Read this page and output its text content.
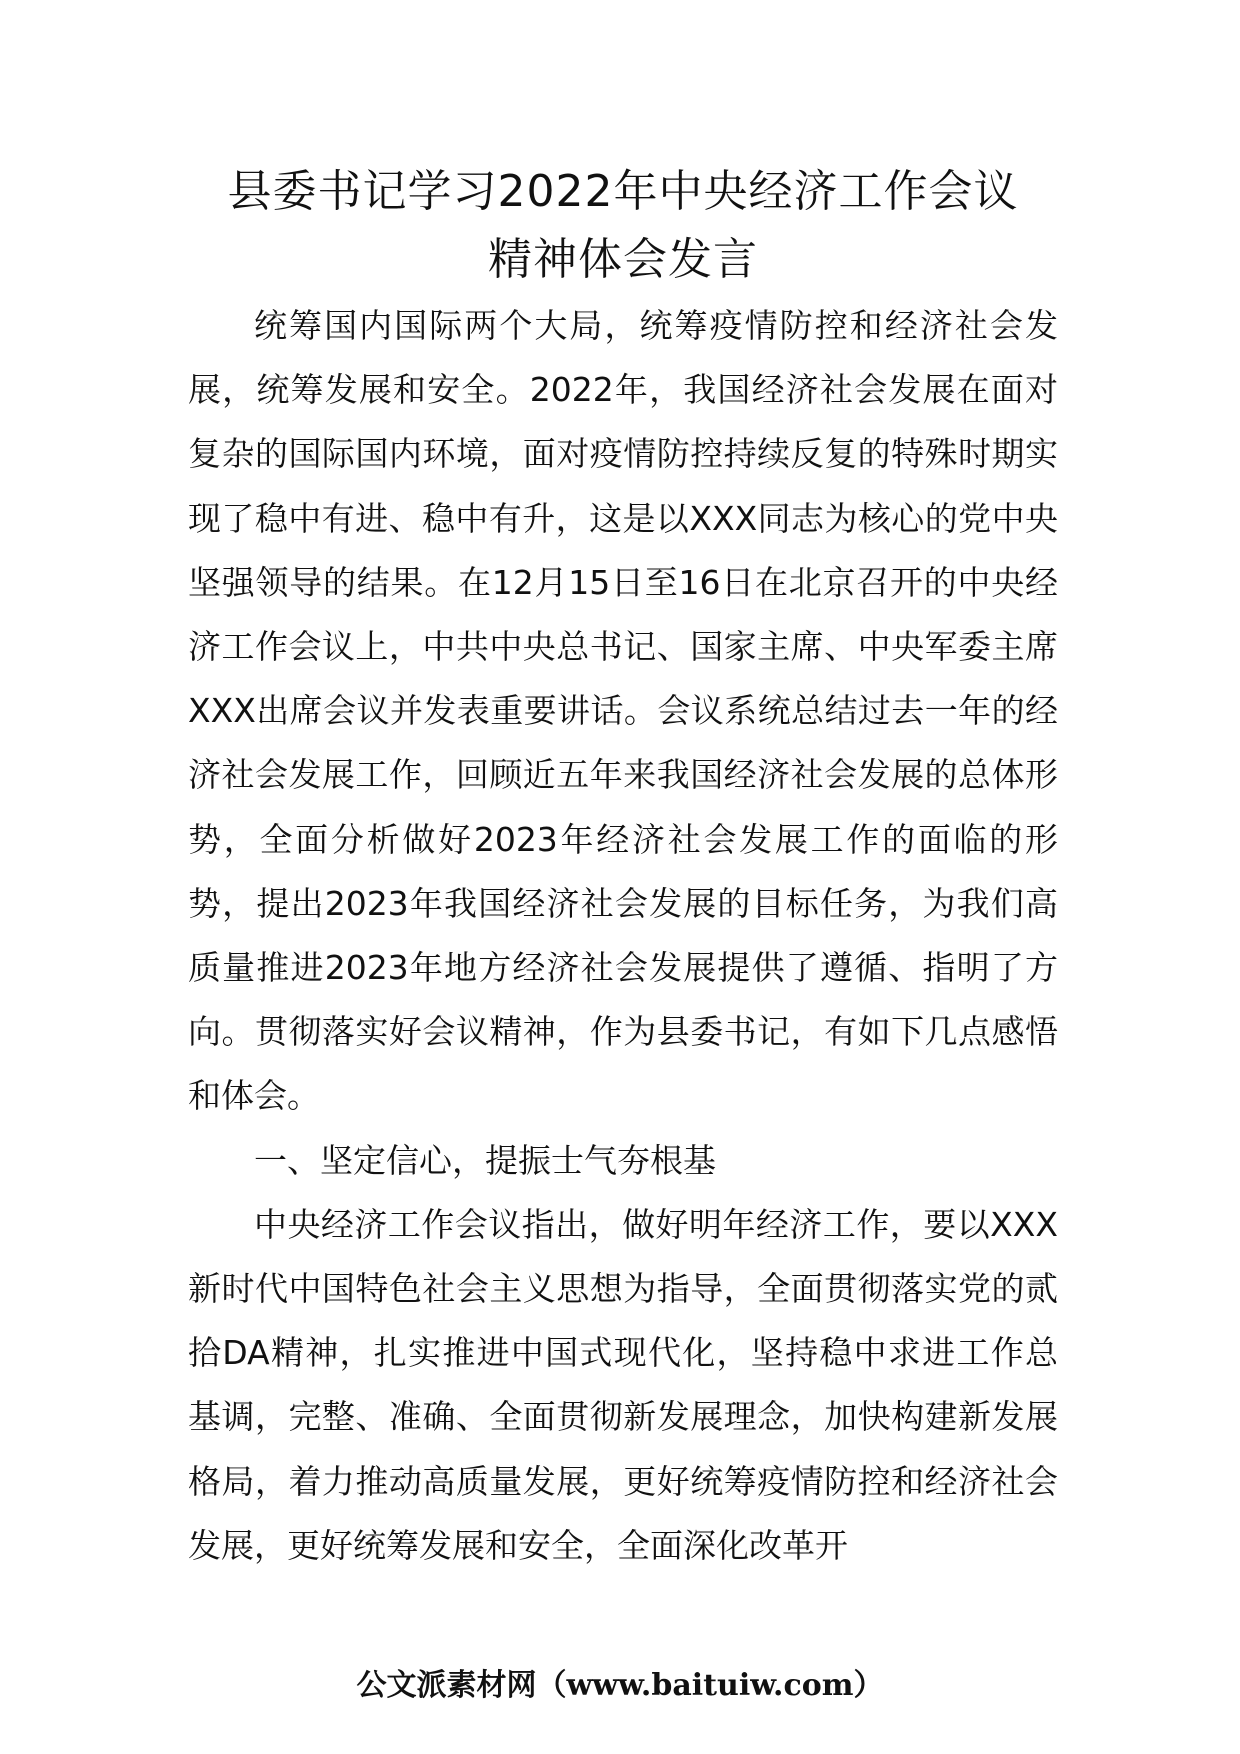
县委书记学习2022年中央经济工作会议
精神体会发言

统筹国内国际两个大局，统筹疫情防控和经济社会发展，统筹发展和安全。2022年，我国经济社会发展在面对复杂的国际国内环境，面对疫情防控持续反复的特殊时期实现了稳中有进、稳中有升，这是以XXX同志为核心的党中央坚强领导的结果。在12月15日至16日在北京召开的中央经济工作会议上，中共中央总书记、国家主席、中央军委主席XXX出席会议并发表重要讲话。会议系统总结过去一年的经济社会发展工作，回顾近五年来我国经济社会发展的总体形势，全面分析做好2023年经济社会发展工作的面临的形势，提出2023年我国经济社会发展的目标任务，为我们高质量推进2023年地方经济社会发展提供了遵循、指明了方向。贯彻落实好会议精神，作为县委书记，有如下几点感悟和体会。

一、坚定信心，提振士气夯根基

中央经济工作会议指出，做好明年经济工作，要以XXX新时代中国特色社会主义思想为指导，全面贯彻落实党的贰拾DA精神，扎实推进中国式现代化，坚持稳中求进工作总基调，完整、准确、全面贯彻新发展理念，加快构建新发展格局，着力推动高质量发展，更好统筹疫情防控和经济社会发展，更好统筹发展和安全，全面深化改革开

公文派素材网（www.baituiw.com）
